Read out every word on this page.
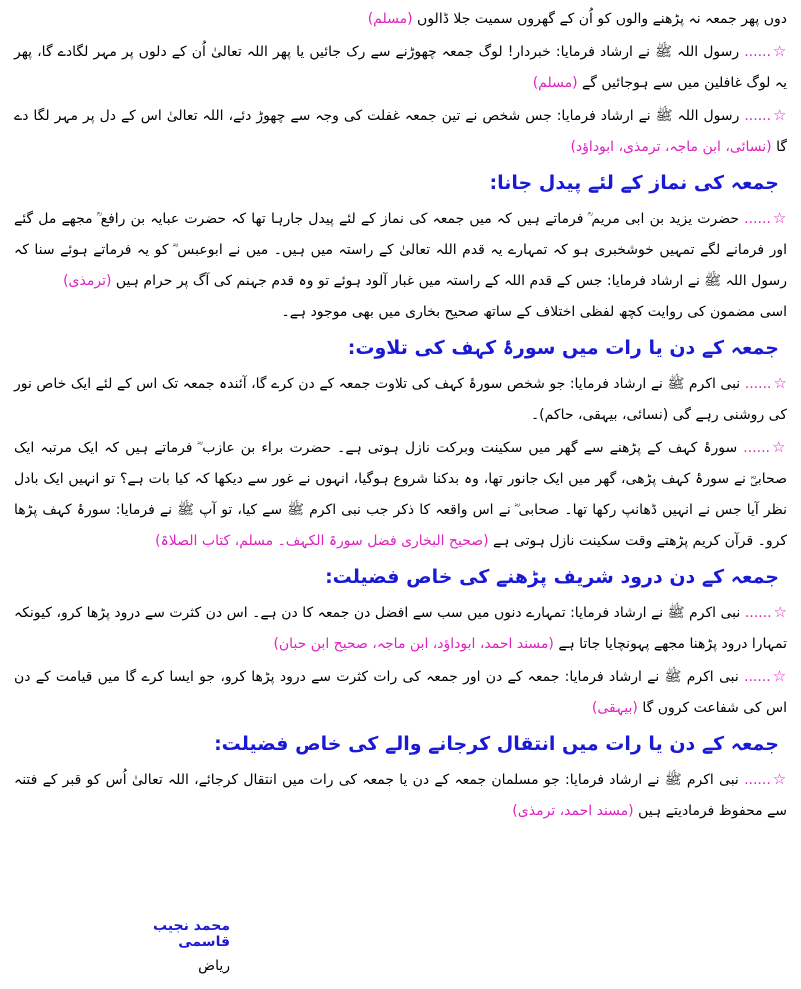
دوں پھر جمعہ نہ پڑھنے والوں کو اُن کے گھروں سمیت جلا ڈالوں (مسلم)

☆...... رسول اللہ ﷺ نے ارشاد فرمایا: خبردار! لوگ جمعہ چھوڑنے سے رک جائیں یا پھر اللہ تعالیٰ اُن کے دلوں پر مہر لگادے گا، پھر یہ لوگ غافلین میں سے ہوجائیں گے (مسلم)

☆...... رسول اللہ ﷺ نے ارشاد فرمایا: جس شخص نے تین جمعہ غفلت کی وجہ سے چھوڑ دئے، اللہ تعالیٰ اس کے دل پر مہر لگا دے گا (نسائی، ابن ماجہ، ترمذی، ابوداؤد)

جمعہ کی نماز کے لئے پیدل جانا:

☆...... حضرت یزید بن ابی مریم ؒ فرماتے ہیں کہ میں جمعہ کی نماز کے لئے پیدل جارہا تھا کہ حضرت عبایہ بن رافع ؒ مجھے مل گئے اور فرمانے لگے تمہیں خوشخبری ہو کہ تمہارے یہ قدم اللہ تعالیٰ کے راستہ میں ہیں۔ میں نے ابوعبس ؓ کو یہ فرماتے ہوئے سنا کہ رسول اللہ ﷺ نے ارشاد فرمایا: جس کے قدم اللہ کے راستہ میں غبار آلود ہوئے تو وہ قدم جہنم کی آگ پر حرام ہیں (ترمذی)
اسی مضمون کی روایت کچھ لفظی اختلاف کے ساتھ صحیح بخاری میں بھی موجود ہے۔

جمعہ کے دن یا رات میں سورۂ کہف کی تلاوت:

☆...... نبی اکرم ﷺ نے ارشاد فرمایا: جو شخص سورۂ کہف کی تلاوت جمعہ کے دن کرے گا، آئندہ جمعہ تک اس کے لئے ایک خاص نور کی روشنی رہے گی (نسائی، بیہقی، حاکم)۔

☆...... سورۂ کہف کے پڑھنے سے گھر میں سکینت وبرکت نازل ہوتی ہے۔ حضرت براء بن عازب ؓ فرماتے ہیں کہ ایک مرتبہ ایک صحابیؓ نے سورۂ کہف پڑھی، گھر میں ایک جانور تھا، وہ بدکنا شروع ہوگیا، انہوں نے غور سے دیکھا کہ کیا بات ہے؟ تو انہیں ایک بادل نظر آیا جس نے انہیں ڈھانپ رکھا تھا۔ صحابی ؓ نے اس واقعہ کا ذکر جب نبی اکرم ﷺ سے کیا، تو آپ ﷺ نے فرمایا: سورۂ کہف پڑھا کرو۔ قرآن کریم پڑھتے وقت سکینت نازل ہوتی ہے (صحیح البخاری فضل سورۃ الکہف۔ مسلم، کتاب الصلاۃ)

جمعہ کے دن درود شریف پڑھنے کی خاص فضیلت:

☆...... نبی اکرم ﷺ نے ارشاد فرمایا: تمہارے دنوں میں سب سے افضل دن جمعہ کا دن ہے۔ اس دن کثرت سے درود پڑھا کرو، کیونکہ تمہارا درود پڑھنا مجھے پہونچایا جاتا ہے (مسند احمد، ابوداؤد، ابن ماجہ، صحیح ابن حبان)

☆...... نبی اکرم ﷺ نے ارشاد فرمایا: جمعہ کے دن اور جمعہ کی رات کثرت سے درود پڑھا کرو، جو ایسا کرے گا میں قیامت کے دن اس کی شفاعت کروں گا (بیہقی)

جمعہ کے دن یا رات میں انتقال کرجانے والے کی خاص فضیلت:

☆...... نبی اکرم ﷺ نے ارشاد فرمایا: جو مسلمان جمعہ کے دن یا جمعہ کی رات میں انتقال کرجائے، اللہ تعالیٰ اُس کو قبر کے فتنہ سے محفوظ فرمادیتے ہیں (مسند احمد، ترمذی)

محمد نجیب قاسمی
ریاض
